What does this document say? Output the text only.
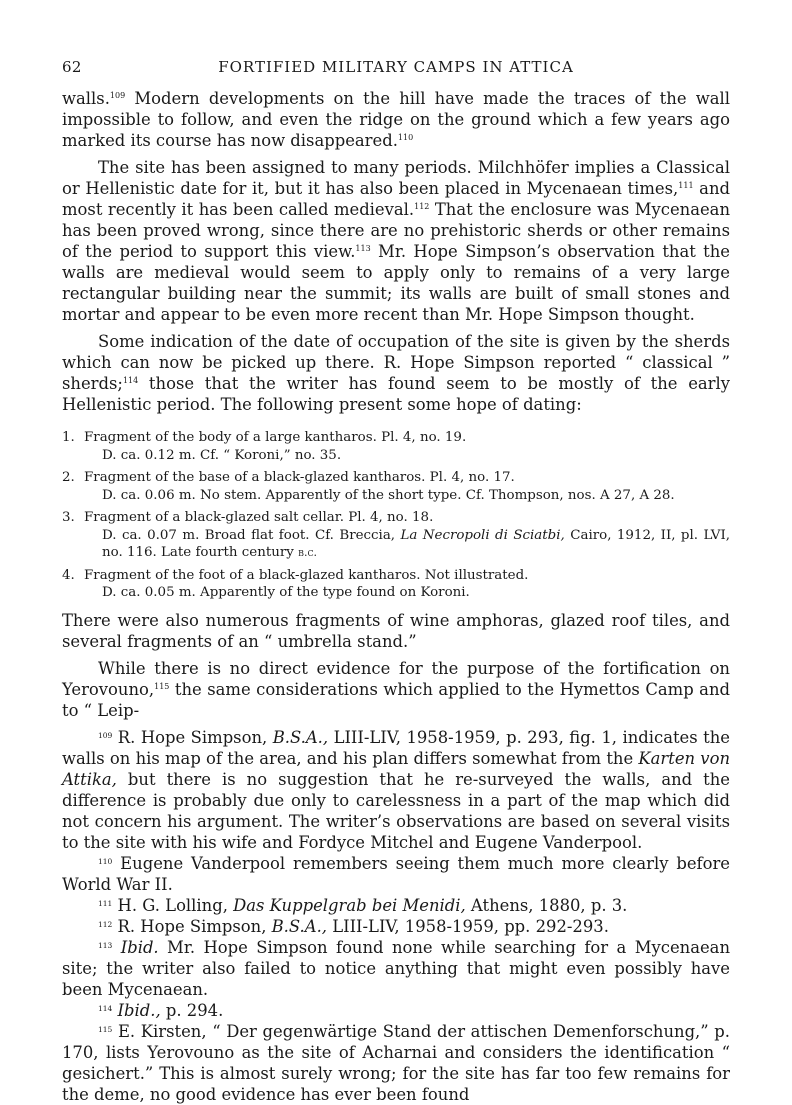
62	FORTIFIED MILITARY CAMPS IN ATTICA

walls.$^{109}$ Modern developments on the hill have made the traces of the wall impossible to follow, and even the ridge on the ground which a few years ago marked its course has now disappeared.$^{110}$

The site has been assigned to many periods. Milchhöfer implies a Classical or Hellenistic date for it, but it has also been placed in Mycenaean times,$^{111}$ and most recently it has been called medieval.$^{112}$ That the enclosure was Mycenaean has been proved wrong, since there are no prehistoric sherds or other remains of the period to support this view.$^{113}$ Mr. Hope Simpson’s observation that the walls are medieval would seem to apply only to remains of a very large rectangular building near the summit; its walls are built of small stones and mortar and appear to be even more recent than Mr. Hope Simpson thought.

Some indication of the date of occupation of the site is given by the sherds which can now be picked up there. R. Hope Simpson reported “ classical ” sherds;$^{114}$ those that the writer has found seem to be mostly of the early Hellenistic period. The following present some hope of dating:

1. Fragment of the body of a large kantharos. Pl. 4, no. 19.
D. ca. 0.12 m. Cf. “ Koroni,” no. 35.
2. Fragment of the base of a black-glazed kantharos. Pl. 4, no. 17.
D. ca. 0.06 m. No stem. Apparently of the short type. Cf. Thompson, nos. A 27, A 28.
3. Fragment of a black-glazed salt cellar. Pl. 4, no. 18.
D. ca. 0.07 m. Broad flat foot. Cf. Breccia, La Necropoli di Sciatbi, Cairo, 1912, II, pl. LVI, no. 116. Late fourth century b.c.
4. Fragment of the foot of a black-glazed kantharos. Not illustrated.
D. ca. 0.05 m. Apparently of the type found on Koroni.

There were also numerous fragments of wine amphoras, glazed roof tiles, and several fragments of an “ umbrella stand.”

While there is no direct evidence for the purpose of the fortification on Yerovouno,$^{115}$ the same considerations which applied to the Hymettos Camp and to “ Leip-

$^{109}$ R. Hope Simpson, B.S.A., LIII-LIV, 1958-1959, p. 293, fig. 1, indicates the walls on his map of the area, and his plan differs somewhat from the Karten von Attika, but there is no suggestion that he re-surveyed the walls, and the difference is probably due only to carelessness in a part of the map which did not concern his argument. The writer’s observations are based on several visits to the site with his wife and Fordyce Mitchel and Eugene Vanderpool.

$^{110}$ Eugene Vanderpool remembers seeing them much more clearly before World War II.

$^{111}$ H. G. Lolling, Das Kuppelgrab bei Menidi, Athens, 1880, p. 3.

$^{112}$ R. Hope Simpson, B.S.A., LIII-LIV, 1958-1959, pp. 292-293.

$^{113}$ Ibid. Mr. Hope Simpson found none while searching for a Mycenaean site; the writer also failed to notice anything that might even possibly have been Mycenaean.

$^{114}$ Ibid., p. 294.

$^{115}$ E. Kirsten, “ Der gegenwärtige Stand der attischen Demenforschung,” p. 170, lists Yerovouno as the site of Acharnai and considers the identification “ gesichert.” This is almost surely wrong; for the site has far too few remains for the deme, no good evidence has ever been found
